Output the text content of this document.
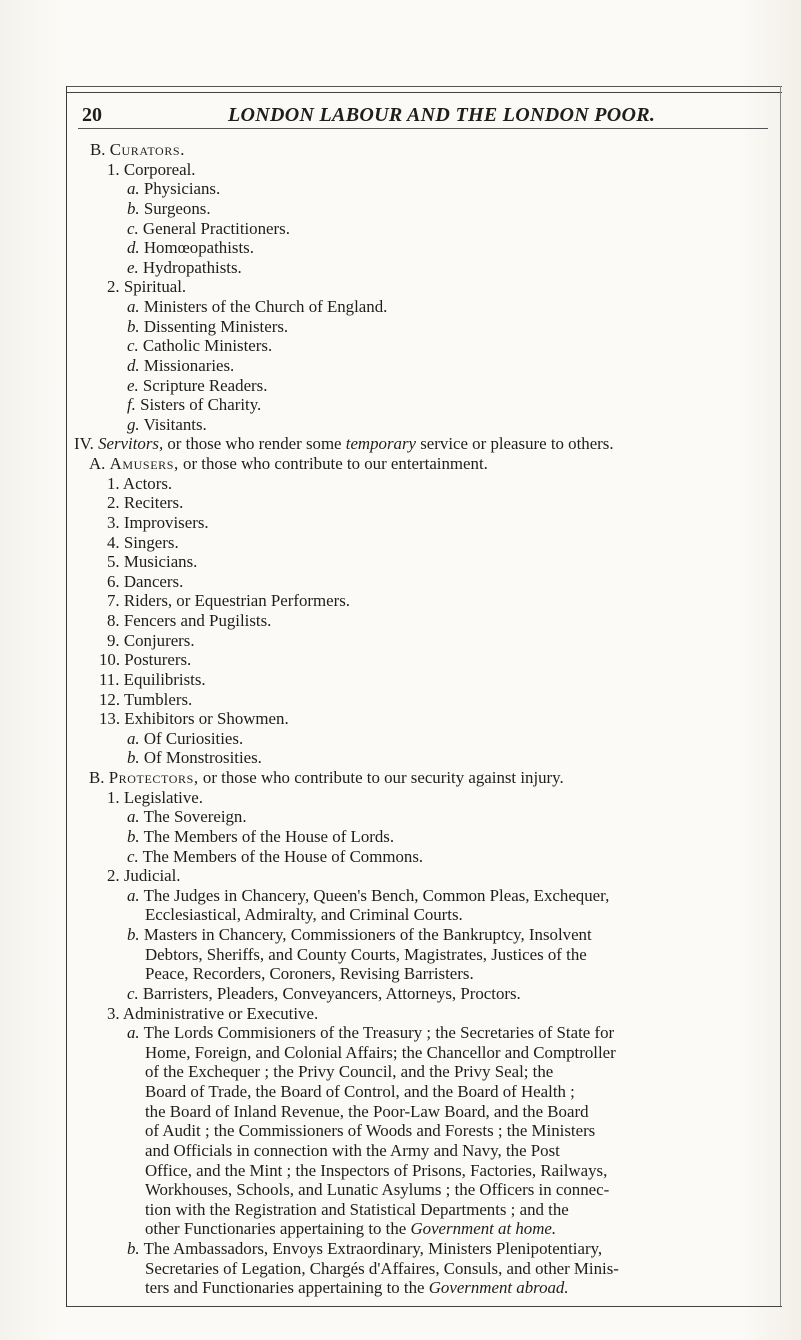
20	LONDON LABOUR AND THE LONDON POOR.
B. Curators.
1. Corporeal.
a. Physicians.
b. Surgeons.
c. General Practitioners.
d. Homœopathists.
e. Hydropathists.
2. Spiritual.
a. Ministers of the Church of England.
b. Dissenting Ministers.
c. Catholic Ministers.
d. Missionaries.
e. Scripture Readers.
f. Sisters of Charity.
g. Visitants.
IV. Servitors, or those who render some temporary service or pleasure to others.
A. Amusers, or those who contribute to our entertainment.
1. Actors.
2. Reciters.
3. Improvisers.
4. Singers.
5. Musicians.
6. Dancers.
7. Riders, or Equestrian Performers.
8. Fencers and Pugilists.
9. Conjurers.
10. Posturers.
11. Equilibrists.
12. Tumblers.
13. Exhibitors or Showmen.
a. Of Curiosities.
b. Of Monstrosities.
B. Protectors, or those who contribute to our security against injury.
1. Legislative.
a. The Sovereign.
b. The Members of the House of Lords.
c. The Members of the House of Commons.
2. Judicial.
a. The Judges in Chancery, Queen's Bench, Common Pleas, Exchequer,
Ecclesiastical, Admiralty, and Criminal Courts.
b. Masters in Chancery, Commissioners of the Bankruptcy, Insolvent
Debtors, Sheriffs, and County Courts, Magistrates, Justices of the
Peace, Recorders, Coroners, Revising Barristers.
c. Barristers, Pleaders, Conveyancers, Attorneys, Proctors.
3. Administrative or Executive.
a. The Lords Commisioners of the Treasury ; the Secretaries of State for
Home, Foreign, and Colonial Affairs; the Chancellor and Comptroller
of the Exchequer ; the Privy Council, and the Privy Seal; the
Board of Trade, the Board of Control, and the Board of Health ;
the Board of Inland Revenue, the Poor-Law Board, and the Board
of Audit ; the Commissioners of Woods and Forests ; the Ministers
and Officials in connection with the Army and Navy, the Post
Office, and the Mint ; the Inspectors of Prisons, Factories, Railways,
Workhouses, Schools, and Lunatic Asylums ; the Officers in connec-
tion with the Registration and Statistical Departments ; and the
other Functionaries appertaining to the Government at home.
b. The Ambassadors, Envoys Extraordinary, Ministers Plenipotentiary,
Secretaries of Legation, Chargés d'Affaires, Consuls, and other Minis-
ters and Functionaries appertaining to the Government abroad.
